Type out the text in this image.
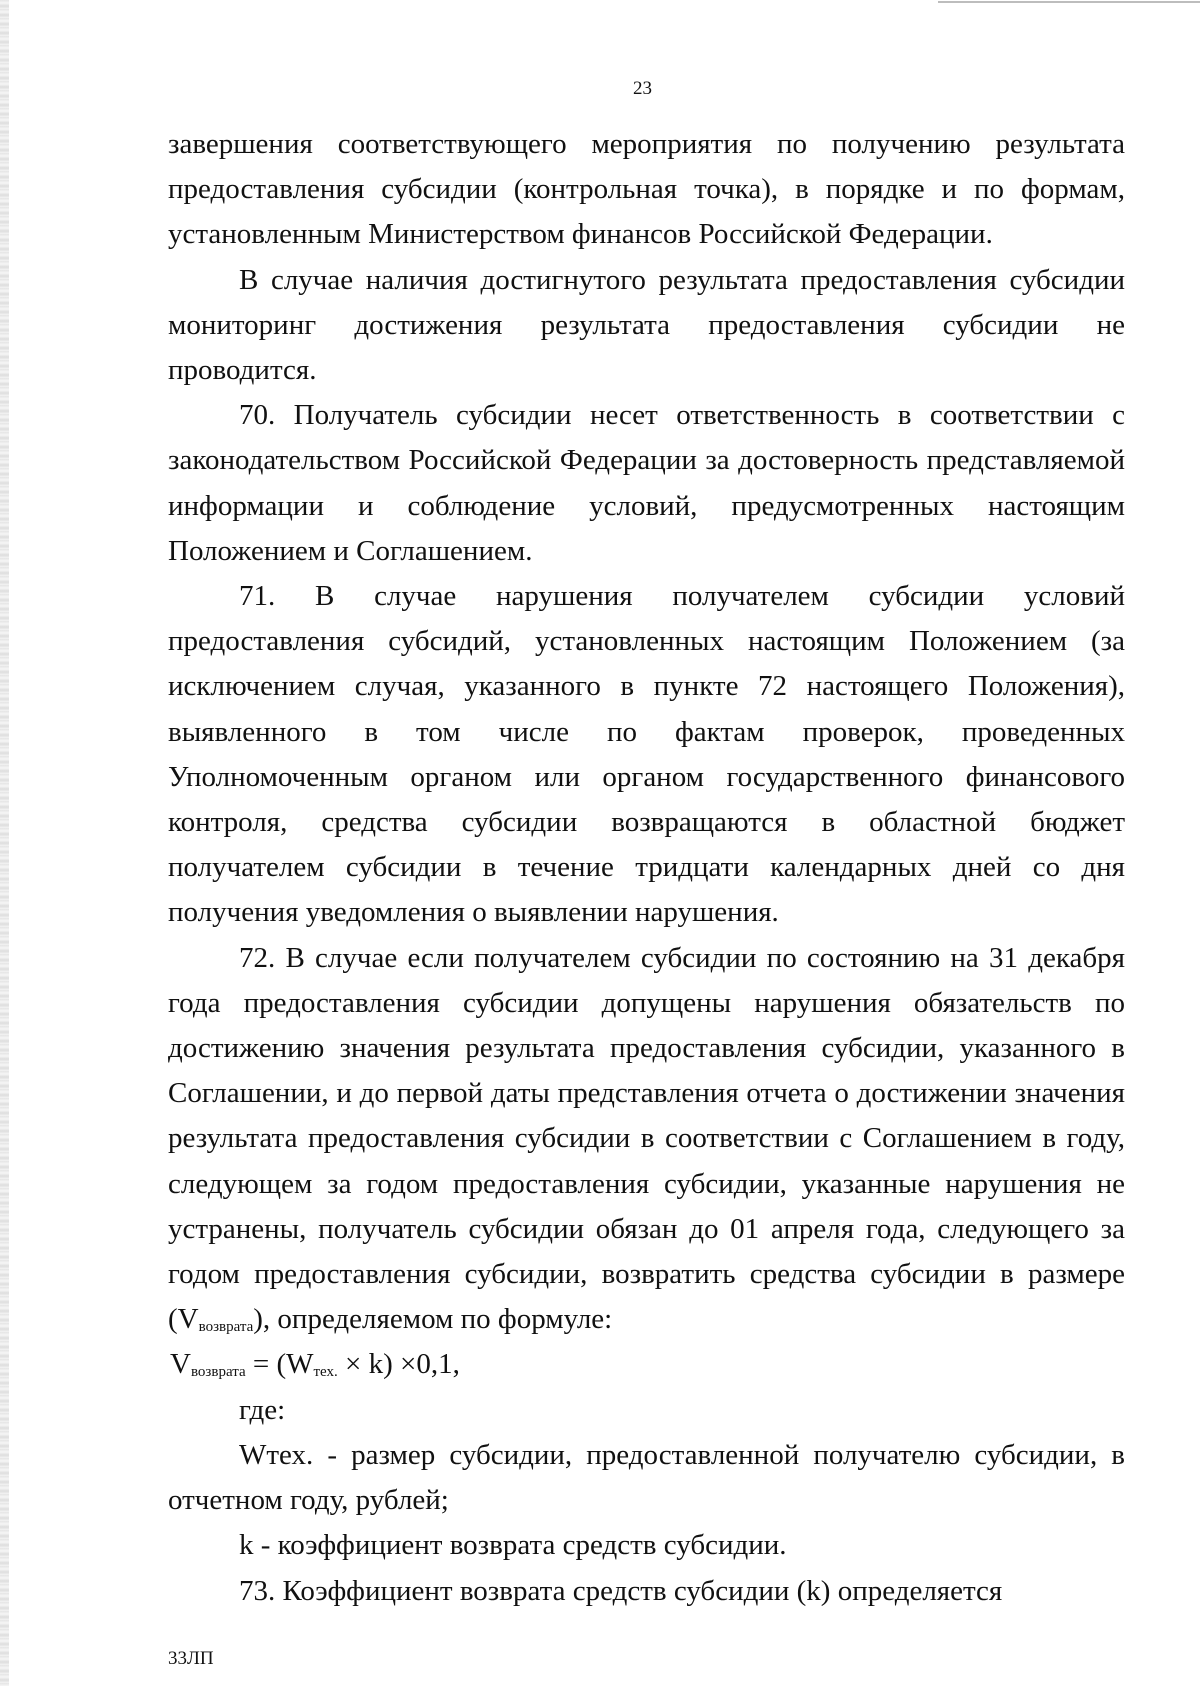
23

завершения соответствующего мероприятия по получению результата предоставления субсидии (контрольная точка), в порядке и по формам, установленным Министерством финансов Российской Федерации.

В случае наличия достигнутого результата предоставления субсидии мониторинг достижения результата предоставления субсидии не проводится.

70. Получатель субсидии несет ответственность в соответствии с законодательством Российской Федерации за достоверность представляемой информации и соблюдение условий, предусмотренных настоящим Положением и Соглашением.

71. В случае нарушения получателем субсидии условий предоставления субсидий, установленных настоящим Положением (за исключением случая, указанного в пункте 72 настоящего Положения), выявленного в том числе по фактам проверок, проведенных Уполномоченным органом или органом государственного финансового контроля, средства субсидии возвращаются в областной бюджет получателем субсидии в течение тридцати календарных дней со дня получения уведомления о выявлении нарушения.

72. В случае если получателем субсидии по состоянию на 31 декабря года предоставления субсидии допущены нарушения обязательств по достижению значения результата предоставления субсидии, указанного в Соглашении, и до первой даты представления отчета о достижении значения результата предоставления субсидии в соответствии с Соглашением в году, следующем за годом предоставления субсидии, указанные нарушения не устранены, получатель субсидии обязан до 01 апреля года, следующего за годом предоставления субсидии, возвратить средства субсидии в размере $(V_{возврата})$, определяемом по формуле:

$V_{возврата} = (W_{тех.} \times k) \times 0,1$,

где:

Wтех. - размер субсидии, предоставленной получателю субсидии, в отчетном году, рублей;

k - коэффициент возврата средств субсидии.

73. Коэффициент возврата средств субсидии (k) определяется

33ЛП
